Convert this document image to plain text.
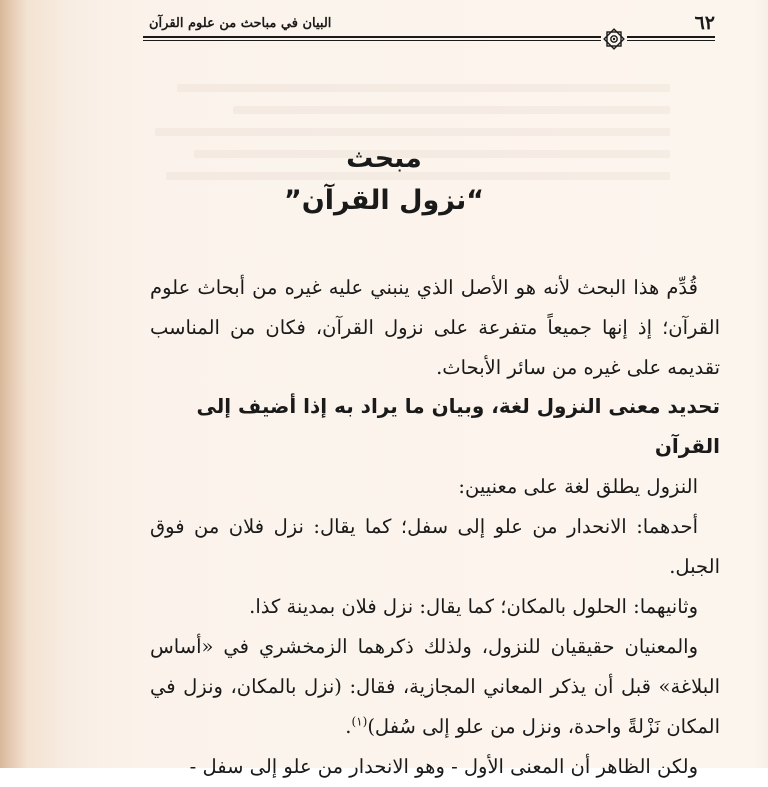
٦٢
البيان في مباحث من علوم القرآن
مبحث
“نزول القرآن”

قُدِّم هذا البحث لأنه هو الأصل الذي ينبني عليه غيره من أبحاث علوم القرآن؛ إذ إنها جميعاً متفرعة على نزول القرآن، فكان من المناسب تقديمه على غيره من سائر الأبحاث.

تحديد معنى النزول لغة، وبيان ما يراد به إذا أضيف إلى القرآن

النزول يطلق لغة على معنيين:

أحدهما: الانحدار من علو إلى سفل؛ كما يقال: نزل فلان من فوق الجبل.

وثانيهما: الحلول بالمكان؛ كما يقال: نزل فلان بمدينة كذا.

والمعنيان حقيقيان للنزول، ولذلك ذكرهما الزمخشري في «أساس البلاغة» قبل أن يذكر المعاني المجازية، فقال: (نزل بالمكان، ونزل في المكان نَزْلةً واحدة، ونزل من علو إلى سُفل)$^{(١)}$.

ولكن الظاهر أن المعنى الأول - وهو الانحدار من علو إلى سفل -
